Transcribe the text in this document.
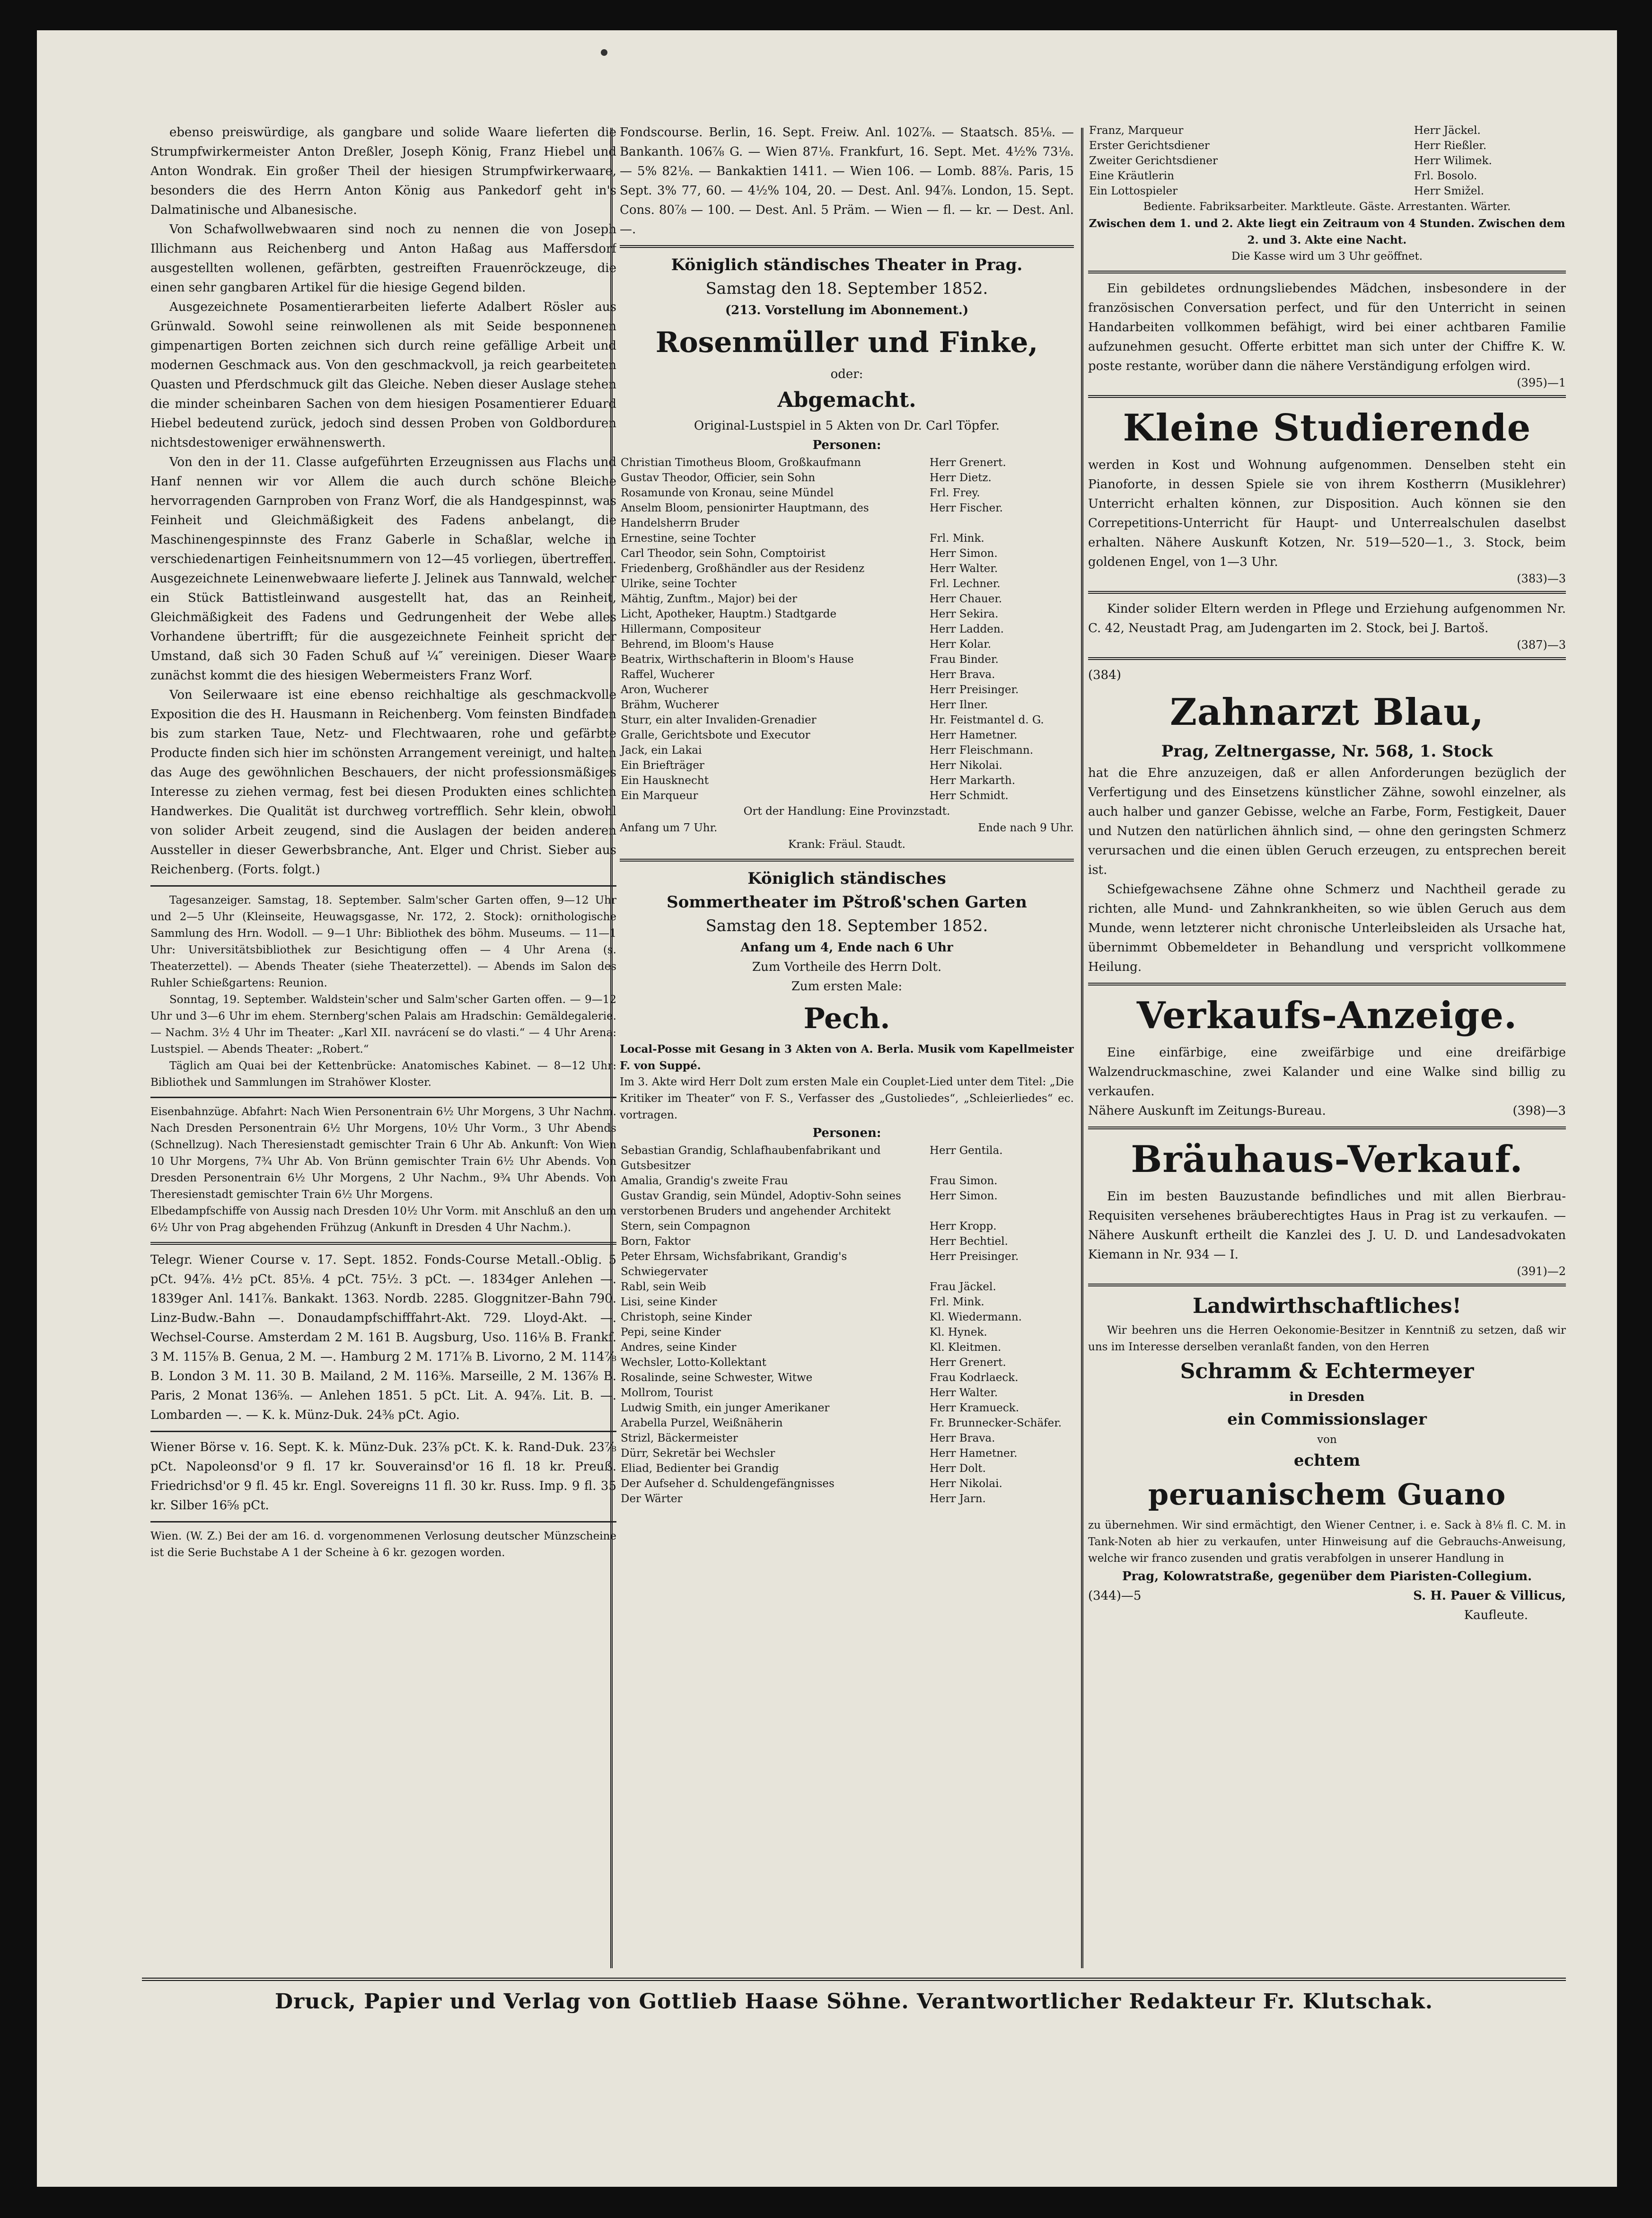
ebenso preiswürdige, als gangbare und solide Waare lieferten die Strumpfwirkermeister Anton Dreßler, Joseph König, Franz Hiebel und Anton Wondrak. Ein großer Theil der hiesigen Strumpfwirkerwaare, besonders die des Herrn Anton König aus Pankedorf geht in's Dalmatinische und Albanesische.

Von Schafwollwebwaaren sind noch zu nennen die von Joseph Illichmann aus Reichenberg und Anton Haßag aus Maffersdorf ausgestellten wollenen, gefärbten, gestreiften Frauenröckzeuge, die einen sehr gangbaren Artikel für die hiesige Gegend bilden.

Ausgezeichnete Posamentierarbeiten lieferte Adalbert Rösler aus Grünwald. Sowohl seine reinwollenen als mit Seide besponnenen gimpenartigen Borten zeichnen sich durch reine gefällige Arbeit und modernen Geschmack aus. Von den geschmackvoll, ja reich gearbeiteten Quasten und Pferdschmuck gilt das Gleiche. Neben dieser Auslage stehen die minder scheinbaren Sachen von dem hiesigen Posamentierer Eduard Hiebel bedeutend zurück, jedoch sind dessen Proben von Goldborduren nichtsdestoweniger erwähnenswerth.

Von den in der 11. Classe aufgeführten Erzeugnissen aus Flachs und Hanf nennen wir vor Allem die auch durch schöne Bleiche hervorragenden Garnproben von Franz Worf, die als Handgespinnst, was Feinheit und Gleichmäßigkeit des Fadens anbelangt, die Maschinengespinnste des Franz Gaberle in Schaßlar, welche in verschiedenartigen Feinheitsnummern von 12—45 vorliegen, übertreffen. Ausgezeichnete Leinenwebwaare lieferte J. Jelinek aus Tannwald, welcher ein Stück Battistleinwand ausgestellt hat, das an Reinheit, Gleichmäßigkeit des Fadens und Gedrungenheit der Webe alles Vorhandene übertrifft; für die ausgezeichnete Feinheit spricht der Umstand, daß sich 30 Faden Schuß auf ¼″ vereinigen. Dieser Waare zunächst kommt die des hiesigen Webermeisters Franz Worf.

Von Seilerwaare ist eine ebenso reichhaltige als geschmackvolle Exposition die des H. Hausmann in Reichenberg. Vom feinsten Bindfaden bis zum starken Taue, Netz- und Flechtwaaren, rohe und gefärbte Producte finden sich hier im schönsten Arrangement vereinigt, und halten das Auge des gewöhnlichen Beschauers, der nicht professionsmäßiges Interesse zu ziehen vermag, fest bei diesen Produkten eines schlichten Handwerkes. Die Qualität ist durchweg vortrefflich. Sehr klein, obwohl von solider Arbeit zeugend, sind die Auslagen der beiden anderen Aussteller in dieser Gewerbsbranche, Ant. Elger und Christ. Sieber aus Reichenberg. (Forts. folgt.)

Tagesanzeiger. Samstag, 18. September. Salm'scher Garten offen, 9—12 Uhr und 2—5 Uhr (Kleinseite, Heuwagsgasse, Nr. 172, 2. Stock): ornithologische Sammlung des Hrn. Wodoll. — 9—1 Uhr: Bibliothek des böhm. Museums. — 11—1 Uhr: Universitätsbibliothek zur Besichtigung offen — 4 Uhr Arena (s. Theaterzettel). — Abends Theater (siehe Theaterzettel). — Abends im Salon des Ruhler Schießgartens: Reunion.

Sonntag, 19. September. Waldstein'scher und Salm'scher Garten offen. — 9—12 Uhr und 3—6 Uhr im ehem. Sternberg'schen Palais am Hradschin: Gemäldegalerie. — Nachm. 3½ 4 Uhr im Theater: „Karl XII. navrácení se do vlasti.“ — 4 Uhr Arena: Lustspiel. — Abends Theater: „Robert.“

Täglich am Quai bei der Kettenbrücke: Anatomisches Kabinet. — 8—12 Uhr: Bibliothek und Sammlungen im Strahöwer Kloster.

Eisenbahnzüge. Abfahrt: Nach Wien Personentrain 6½ Uhr Morgens, 3 Uhr Nachm. Nach Dresden Personentrain 6½ Uhr Morgens, 10½ Uhr Vorm., 3 Uhr Abends (Schnellzug). Nach Theresienstadt gemischter Train 6 Uhr Ab. Ankunft: Von Wien 10 Uhr Morgens, 7¾ Uhr Ab. Von Brünn gemischter Train 6½ Uhr Abends. Von Dresden Personentrain 6½ Uhr Morgens, 2 Uhr Nachm., 9¾ Uhr Abends. Von Theresienstadt gemischter Train 6½ Uhr Morgens.

Elbedampfschiffe von Aussig nach Dresden 10½ Uhr Vorm. mit Anschluß an den um 6½ Uhr von Prag abgehenden Frühzug (Ankunft in Dresden 4 Uhr Nachm.).

Telegr. Wiener Course v. 17. Sept. 1852. Fonds-Course Metall.-Oblig. 5 pCt. 94⅞. 4½ pCt. 85⅛. 4 pCt. 75½. 3 pCt. —. 1834ger Anlehen —. 1839ger Anl. 141⅞. Bankakt. 1363. Nordb. 2285. Gloggnitzer-Bahn 790. Linz-Budw.-Bahn —. Donaudampfschifffahrt-Akt. 729. Lloyd-Akt. —. Wechsel-Course. Amsterdam 2 M. 161 B. Augsburg, Uso. 116⅛ B. Frankf. 3 M. 115⅞ B. Genua, 2 M. —. Hamburg 2 M. 171⅞ B. Livorno, 2 M. 114⅞ B. London 3 M. 11. 30 B. Mailand, 2 M. 116⅜. Marseille, 2 M. 136⅞ B. Paris, 2 Monat 136⅝. — Anlehen 1851. 5 pCt. Lit. A. 94⅞. Lit. B. —. Lombarden —. — K. k. Münz-Duk. 24⅜ pCt. Agio.

Wiener Börse v. 16. Sept. K. k. Münz-Duk. 23⅞ pCt. K. k. Rand-Duk. 23⅞ pCt. Napoleonsd'or 9 fl. 17 kr. Souverainsd'or 16 fl. 18 kr. Preuß. Friedrichsd'or 9 fl. 45 kr. Engl. Sovereigns 11 fl. 30 kr. Russ. Imp. 9 fl. 35 kr. Silber 16⅝ pCt.

Wien. (W. Z.) Bei der am 16. d. vorgenommenen Verlosung deutscher Münzscheine ist die Serie Buchstabe A 1 der Scheine à 6 kr. gezogen worden.

Fondscourse. Berlin, 16. Sept. Freiw. Anl. 102⅞. — Staatsch. 85⅛. — Bankanth. 106⅞ G. — Wien 87⅛. Frankfurt, 16. Sept. Met. 4½% 73⅛. — 5% 82⅛. — Bankaktien 1411. — Wien 106. — Lomb. 88⅞. Paris, 15 Sept. 3% 77, 60. — 4½% 104, 20. — Dest. Anl. 94⅞. London, 15. Sept. Cons. 80⅞ — 100. — Dest. Anl. 5 Präm. — Wien — fl. — kr. — Dest. Anl. —.

Königlich ständisches Theater in Prag.
Samstag den 18. September 1852.
(213. Vorstellung im Abonnement.)
Rosenmüller und Finke,
oder:
Abgemacht.
Original-Lustspiel in 5 Akten von Dr. Carl Töpfer.
Personen:
Christian Timotheus Bloom, Großkaufmann	Herr Grenert.
Gustav Theodor, Officier, sein Sohn	Herr Dietz.
Rosamunde von Kronau, seine Mündel	Frl. Frey.
Anselm Bloom, pensionirter Hauptmann, des Handelsherrn Bruder	Herr Fischer.
Ernestine, seine Tochter	Frl. Mink.
Carl Theodor, sein Sohn, Comptoirist	Herr Simon.
Friedenberg, Großhändler aus der Residenz	Herr Walter.
Ulrike, seine Tochter	Frl. Lechner.
Mähtig, Zunftm., Major) bei der	Herr Chauer.
Licht, Apotheker, Hauptm.) Stadtgarde	Herr Sekira.
Hillermann, Compositeur	Herr Ladden.
Behrend, im Bloom's Hause	Herr Kolar.
Beatrix, Wirthschafterin in Bloom's Hause	Frau Binder.
Raffel, Wucherer	Herr Brava.
Aron, Wucherer	Herr Preisinger.
Brähm, Wucherer	Herr Ilner.
Sturr, ein alter Invaliden-Grenadier	Hr. Feistmantel d. G.
Gralle, Gerichtsbote und Executor	Herr Hametner.
Jack, ein Lakai	Herr Fleischmann.
Ein Briefträger	Herr Nikolai.
Ein Hausknecht	Herr Markarth.
Ein Marqueur	Herr Schmidt.
Ort der Handlung: Eine Provinzstadt.
Anfang um 7 Uhr.	Ende nach 9 Uhr.
Krank: Fräul. Staudt.
Königlich ständisches
Sommertheater im Pštroß'schen Garten
Samstag den 18. September 1852.
Anfang um 4, Ende nach 6 Uhr
Zum Vortheile des Herrn Dolt.
Zum ersten Male:
Pech.
Local-Posse mit Gesang in 3 Akten von A. Berla. Musik vom Kapellmeister F. von Suppé.
Im 3. Akte wird Herr Dolt zum ersten Male ein Couplet-Lied unter dem Titel: „Die Kritiker im Theater“ von F. S., Verfasser des „Gustoliedes“, „Schleierliedes“ ec. vortragen.
Personen:
Sebastian Grandig, Schlafhaubenfabrikant und Gutsbesitzer	Herr Gentila.
Amalia, Grandig's zweite Frau	Frau Simon.
Gustav Grandig, sein Mündel, Adoptiv-Sohn seines verstorbenen Bruders und angehender Architekt	Herr Simon.
Stern, sein Compagnon	Herr Kropp.
Born, Faktor	Herr Bechtiel.
Peter Ehrsam, Wichsfabrikant, Grandig's Schwiegervater	Herr Preisinger.
Rabl, sein Weib	Frau Jäckel.
Lisi, seine Kinder	Frl. Mink.
Christoph, seine Kinder	Kl. Wiedermann.
Pepi, seine Kinder	Kl. Hynek.
Andres, seine Kinder	Kl. Kleitmen.
Wechsler, Lotto-Kollektant	Herr Grenert.
Rosalinde, seine Schwester, Witwe	Frau Kodrlaeck.
Mollrom, Tourist	Herr Walter.
Ludwig Smith, ein junger Amerikaner	Herr Kramueck.
Arabella Purzel, Weißnäherin	Fr. Brunnecker-Schäfer.
Strizl, Bäckermeister	Herr Brava.
Dürr, Sekretär bei Wechsler	Herr Hametner.
Eliad, Bedienter bei Grandig	Herr Dolt.
Der Aufseher d. Schuldengefängnisses	Herr Nikolai.
Der Wärter	Herr Jarn.
Franz, Marqueur	Herr Jäckel.
Erster Gerichtsdiener	Herr Rießler.
Zweiter Gerichtsdiener	Herr Wilimek.
Eine Kräutlerin	Frl. Bosolo.
Ein Lottospieler	Herr Smižel.
Bediente. Fabriksarbeiter. Marktleute. Gäste. Arrestanten. Wärter.
Zwischen dem 1. und 2. Akte liegt ein Zeitraum von 4 Stunden. Zwischen dem 2. und 3. Akte eine Nacht.
Die Kasse wird um 3 Uhr geöffnet.

Ein gebildetes ordnungsliebendes Mädchen, insbesondere in der französischen Conversation perfect, und für den Unterricht in seinen Handarbeiten vollkommen befähigt, wird bei einer achtbaren Familie aufzunehmen gesucht. Offerte erbittet man sich unter der Chiffre K. W. poste restante, worüber dann die nähere Verständigung erfolgen wird.

(395)—1
Kleine Studierende

werden in Kost und Wohnung aufgenommen. Denselben steht ein Pianoforte, in dessen Spiele sie von ihrem Kostherrn (Musiklehrer) Unterricht erhalten können, zur Disposition. Auch können sie den Correpetitions-Unterricht für Haupt- und Unterrealschulen daselbst erhalten. Nähere Auskunft Kotzen, Nr. 519—520—1., 3. Stock, beim goldenen Engel, von 1—3 Uhr.

(383)—3

Kinder solider Eltern werden in Pflege und Erziehung aufgenommen Nr. C. 42, Neustadt Prag, am Judengarten im 2. Stock, bei J. Bartoš.

(387)—3
(384)
Zahnarzt Blau,
Prag, Zeltnergasse, Nr. 568, 1. Stock

hat die Ehre anzuzeigen, daß er allen Anforderungen bezüglich der Verfertigung und des Einsetzens künstlicher Zähne, sowohl einzelner, als auch halber und ganzer Gebisse, welche an Farbe, Form, Festigkeit, Dauer und Nutzen den natürlichen ähnlich sind, — ohne den geringsten Schmerz verursachen und die einen üblen Geruch erzeugen, zu entsprechen bereit ist.

Schiefgewachsene Zähne ohne Schmerz und Nachtheil gerade zu richten, alle Mund- und Zahnkrankheiten, so wie üblen Geruch aus dem Munde, wenn letzterer nicht chronische Unterleibsleiden als Ursache hat, übernimmt Obbemeldeter in Behandlung und verspricht vollkommene Heilung.

Verkaufs-Anzeige.

Eine einfärbige, eine zweifärbige und eine dreifärbige Walzendruckmaschine, zwei Kalander und eine Walke sind billig zu verkaufen.

Nähere Auskunft im Zeitungs-Bureau.	(398)—3
Bräuhaus-Verkauf.

Ein im besten Bauzustande befindliches und mit allen Bierbrau-Requisiten versehenes bräuberechtigtes Haus in Prag ist zu verkaufen. — Nähere Auskunft ertheilt die Kanzlei des J. U. D. und Landesadvokaten Kiemann in Nr. 934 — I.

(391)—2
Landwirthschaftliches!

Wir beehren uns die Herren Oekonomie-Besitzer in Kenntniß zu setzen, daß wir uns im Interesse derselben veranlaßt fanden, von den Herren

Schramm & Echtermeyer
in Dresden
ein Commissionslager
von
echtem
peruanischem Guano

zu übernehmen. Wir sind ermächtigt, den Wiener Centner, i. e. Sack à 8⅛ fl. C. M. in Tank-Noten ab hier zu verkaufen, unter Hinweisung auf die Gebrauchs-Anweisung, welche wir franco zusenden und gratis verabfolgen in unserer Handlung in

Prag, Kolowratstraße, gegenüber dem Piaristen-Collegium.
(344)—5	S. H. Pauer & Villicus,
Kaufleute.
Druck, Papier und Verlag von Gottlieb Haase Söhne. Verantwortlicher Redakteur Fr. Klutschak.
